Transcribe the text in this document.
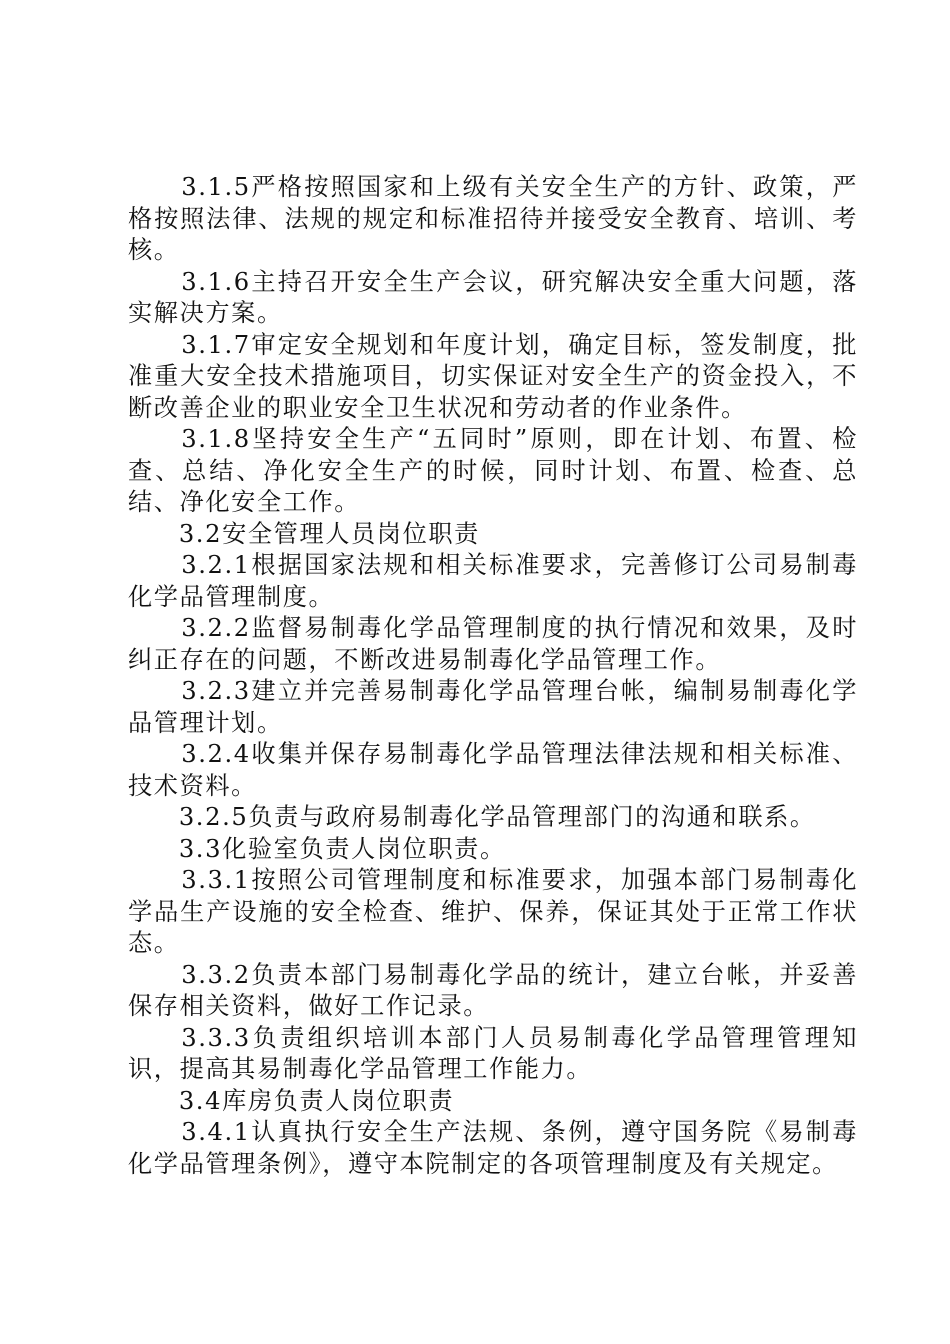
3.1.5严格按照国家和上级有关安全生产的方针、政策，严格按照法律、法规的规定和标准招待并接受安全教育、培训、考核。

3.1.6主持召开安全生产会议，研究解决安全重大问题，落实解决方案。

3.1.7审定安全规划和年度计划，确定目标，签发制度，批准重大安全技术措施项目，切实保证对安全生产的资金投入，不断改善企业的职业安全卫生状况和劳动者的作业条件。

3.1.8坚持安全生产“五同时”原则，即在计划、布置、检查、总结、净化安全生产的时候，同时计划、布置、检查、总结、净化安全工作。

3.2安全管理人员岗位职责

3.2.1根据国家法规和相关标准要求，完善修订公司易制毒化学品管理制度。

3.2.2监督易制毒化学品管理制度的执行情况和效果，及时纠正存在的问题，不断改进易制毒化学品管理工作。

3.2.3建立并完善易制毒化学品管理台帐，编制易制毒化学品管理计划。

3.2.4收集并保存易制毒化学品管理法律法规和相关标准、技术资料。

3.2.5负责与政府易制毒化学品管理部门的沟通和联系。

3.3化验室负责人岗位职责。

3.3.1按照公司管理制度和标准要求，加强本部门易制毒化学品生产设施的安全检查、维护、保养，保证其处于正常工作状态。

3.3.2负责本部门易制毒化学品的统计，建立台帐，并妥善保存相关资料，做好工作记录。

3.3.3负责组织培训本部门人员易制毒化学品管理管理知识，提高其易制毒化学品管理工作能力。

3.4库房负责人岗位职责

3.4.1认真执行安全生产法规、条例，遵守国务院《易制毒化学品管理条例》，遵守本院制定的各项管理制度及有关规定。
